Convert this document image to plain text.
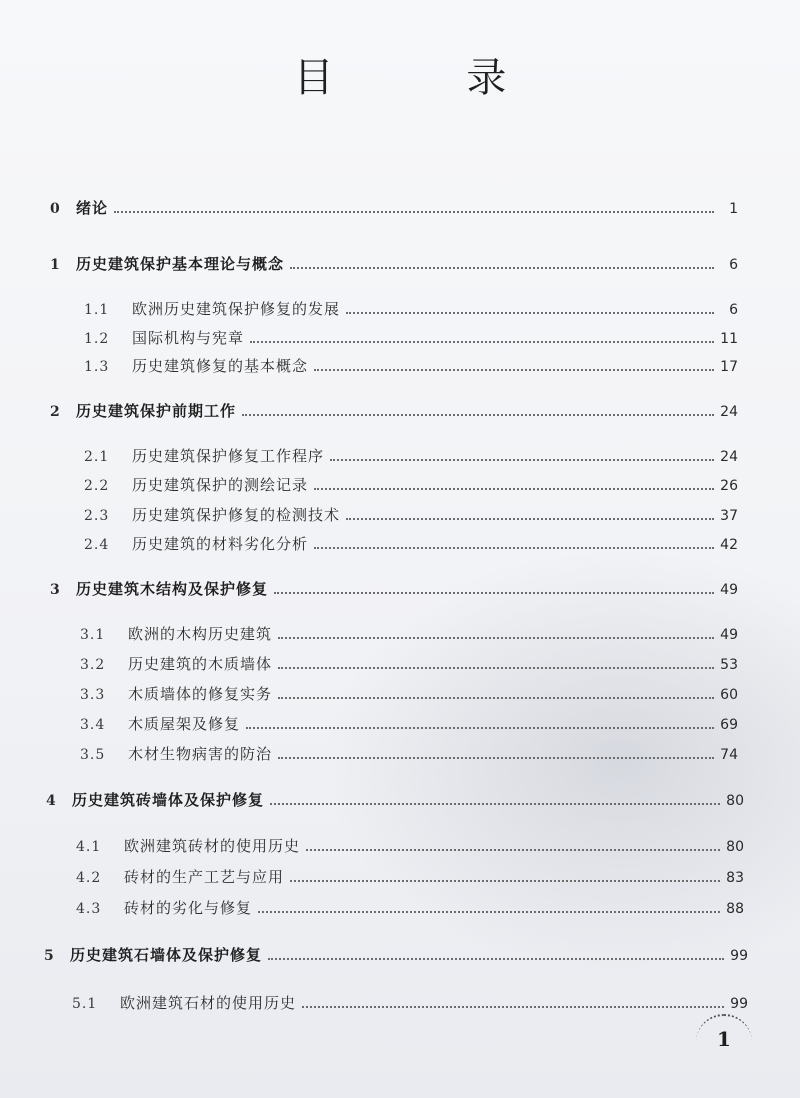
目 录
0	绪论	1
1	历史建筑保护基本理论与概念	6
1.1	欧洲历史建筑保护修复的发展	6
1.2	国际机构与宪章	11
1.3	历史建筑修复的基本概念	17
2	历史建筑保护前期工作	24
2.1	历史建筑保护修复工作程序	24
2.2	历史建筑保护的测绘记录	26
2.3	历史建筑保护修复的检测技术	37
2.4	历史建筑的材料劣化分析	42
3	历史建筑木结构及保护修复	49
3.1	欧洲的木构历史建筑	49
3.2	历史建筑的木质墙体	53
3.3	木质墙体的修复实务	60
3.4	木质屋架及修复	69
3.5	木材生物病害的防治	74
4	历史建筑砖墙体及保护修复	80
4.1	欧洲建筑砖材的使用历史	80
4.2	砖材的生产工艺与应用	83
4.3	砖材的劣化与修复	88
5	历史建筑石墙体及保护修复	99
5.1	欧洲建筑石材的使用历史	99
1
